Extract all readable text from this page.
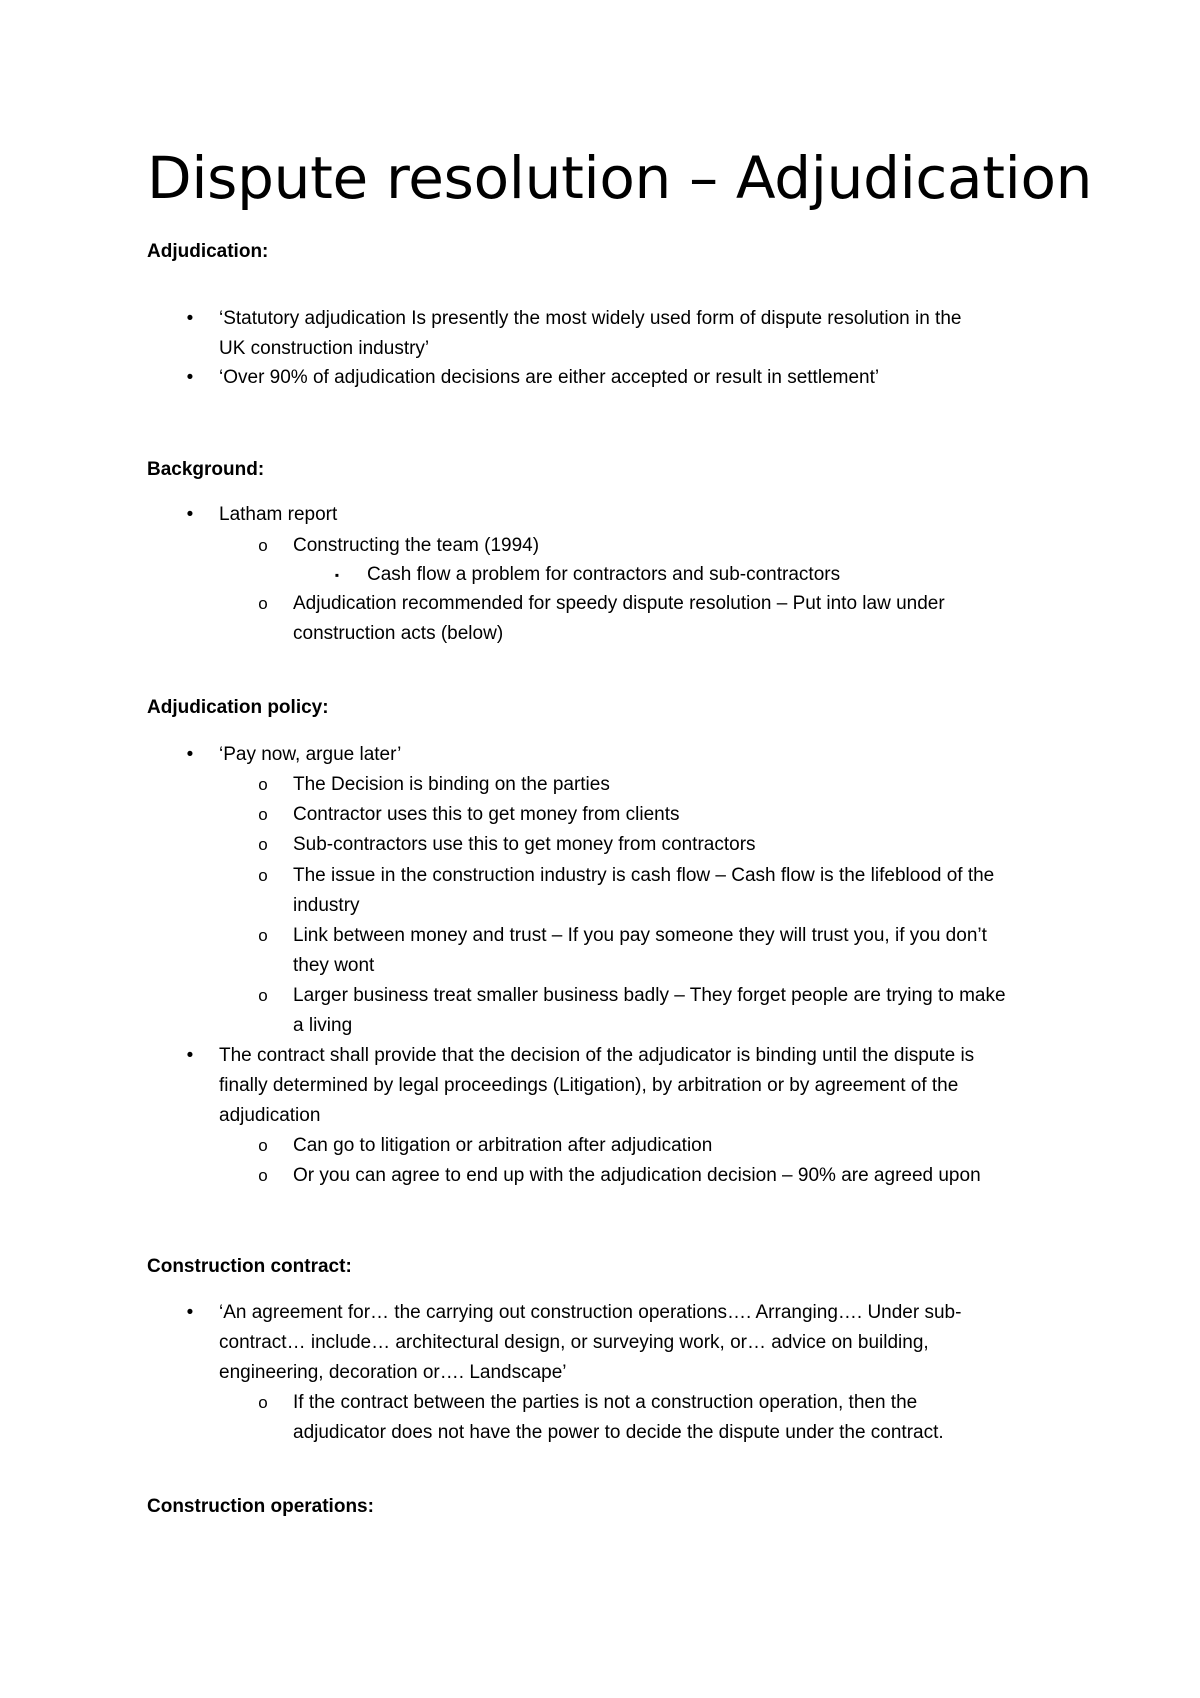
Dispute resolution – Adjudication

Adjudication:

•	‘Statutory adjudication Is presently the most widely used form of dispute resolution in the

UK construction industry’

•	‘Over 90% of adjudication decisions are either accepted or result in settlement’

Background:

•	Latham report

o Constructing the team (1994)

▪	Cash flow a problem for contractors and sub-contractors

o Adjudication recommended for speedy dispute resolution – Put into law under

construction acts (below)

Adjudication policy:

•	‘Pay now, argue later’

o The Decision is binding on the parties

o Contractor uses this to get money from clients

o Sub-contractors use this to get money from contractors

o The issue in the construction industry is cash flow – Cash flow is the lifeblood of the

industry

o Link between money and trust – If you pay someone they will trust you, if you don’t

they wont

o Larger business treat smaller business badly – They forget people are trying to make

a living

•	The contract shall provide that the decision of the adjudicator is binding until the dispute is

finally determined by legal proceedings (Litigation), by arbitration or by agreement of the

adjudication

o Can go to litigation or arbitration after adjudication

o Or you can agree to end up with the adjudication decision – 90% are agreed upon

Construction contract:

•	‘An agreement for… the carrying out construction operations…. Arranging…. Under sub-

contract… include… architectural design, or surveying work, or… advice on building,

engineering, decoration or…. Landscape’

o If the contract between the parties is not a construction operation, then the

adjudicator does not have the power to decide the dispute under the contract.

Construction operations:
